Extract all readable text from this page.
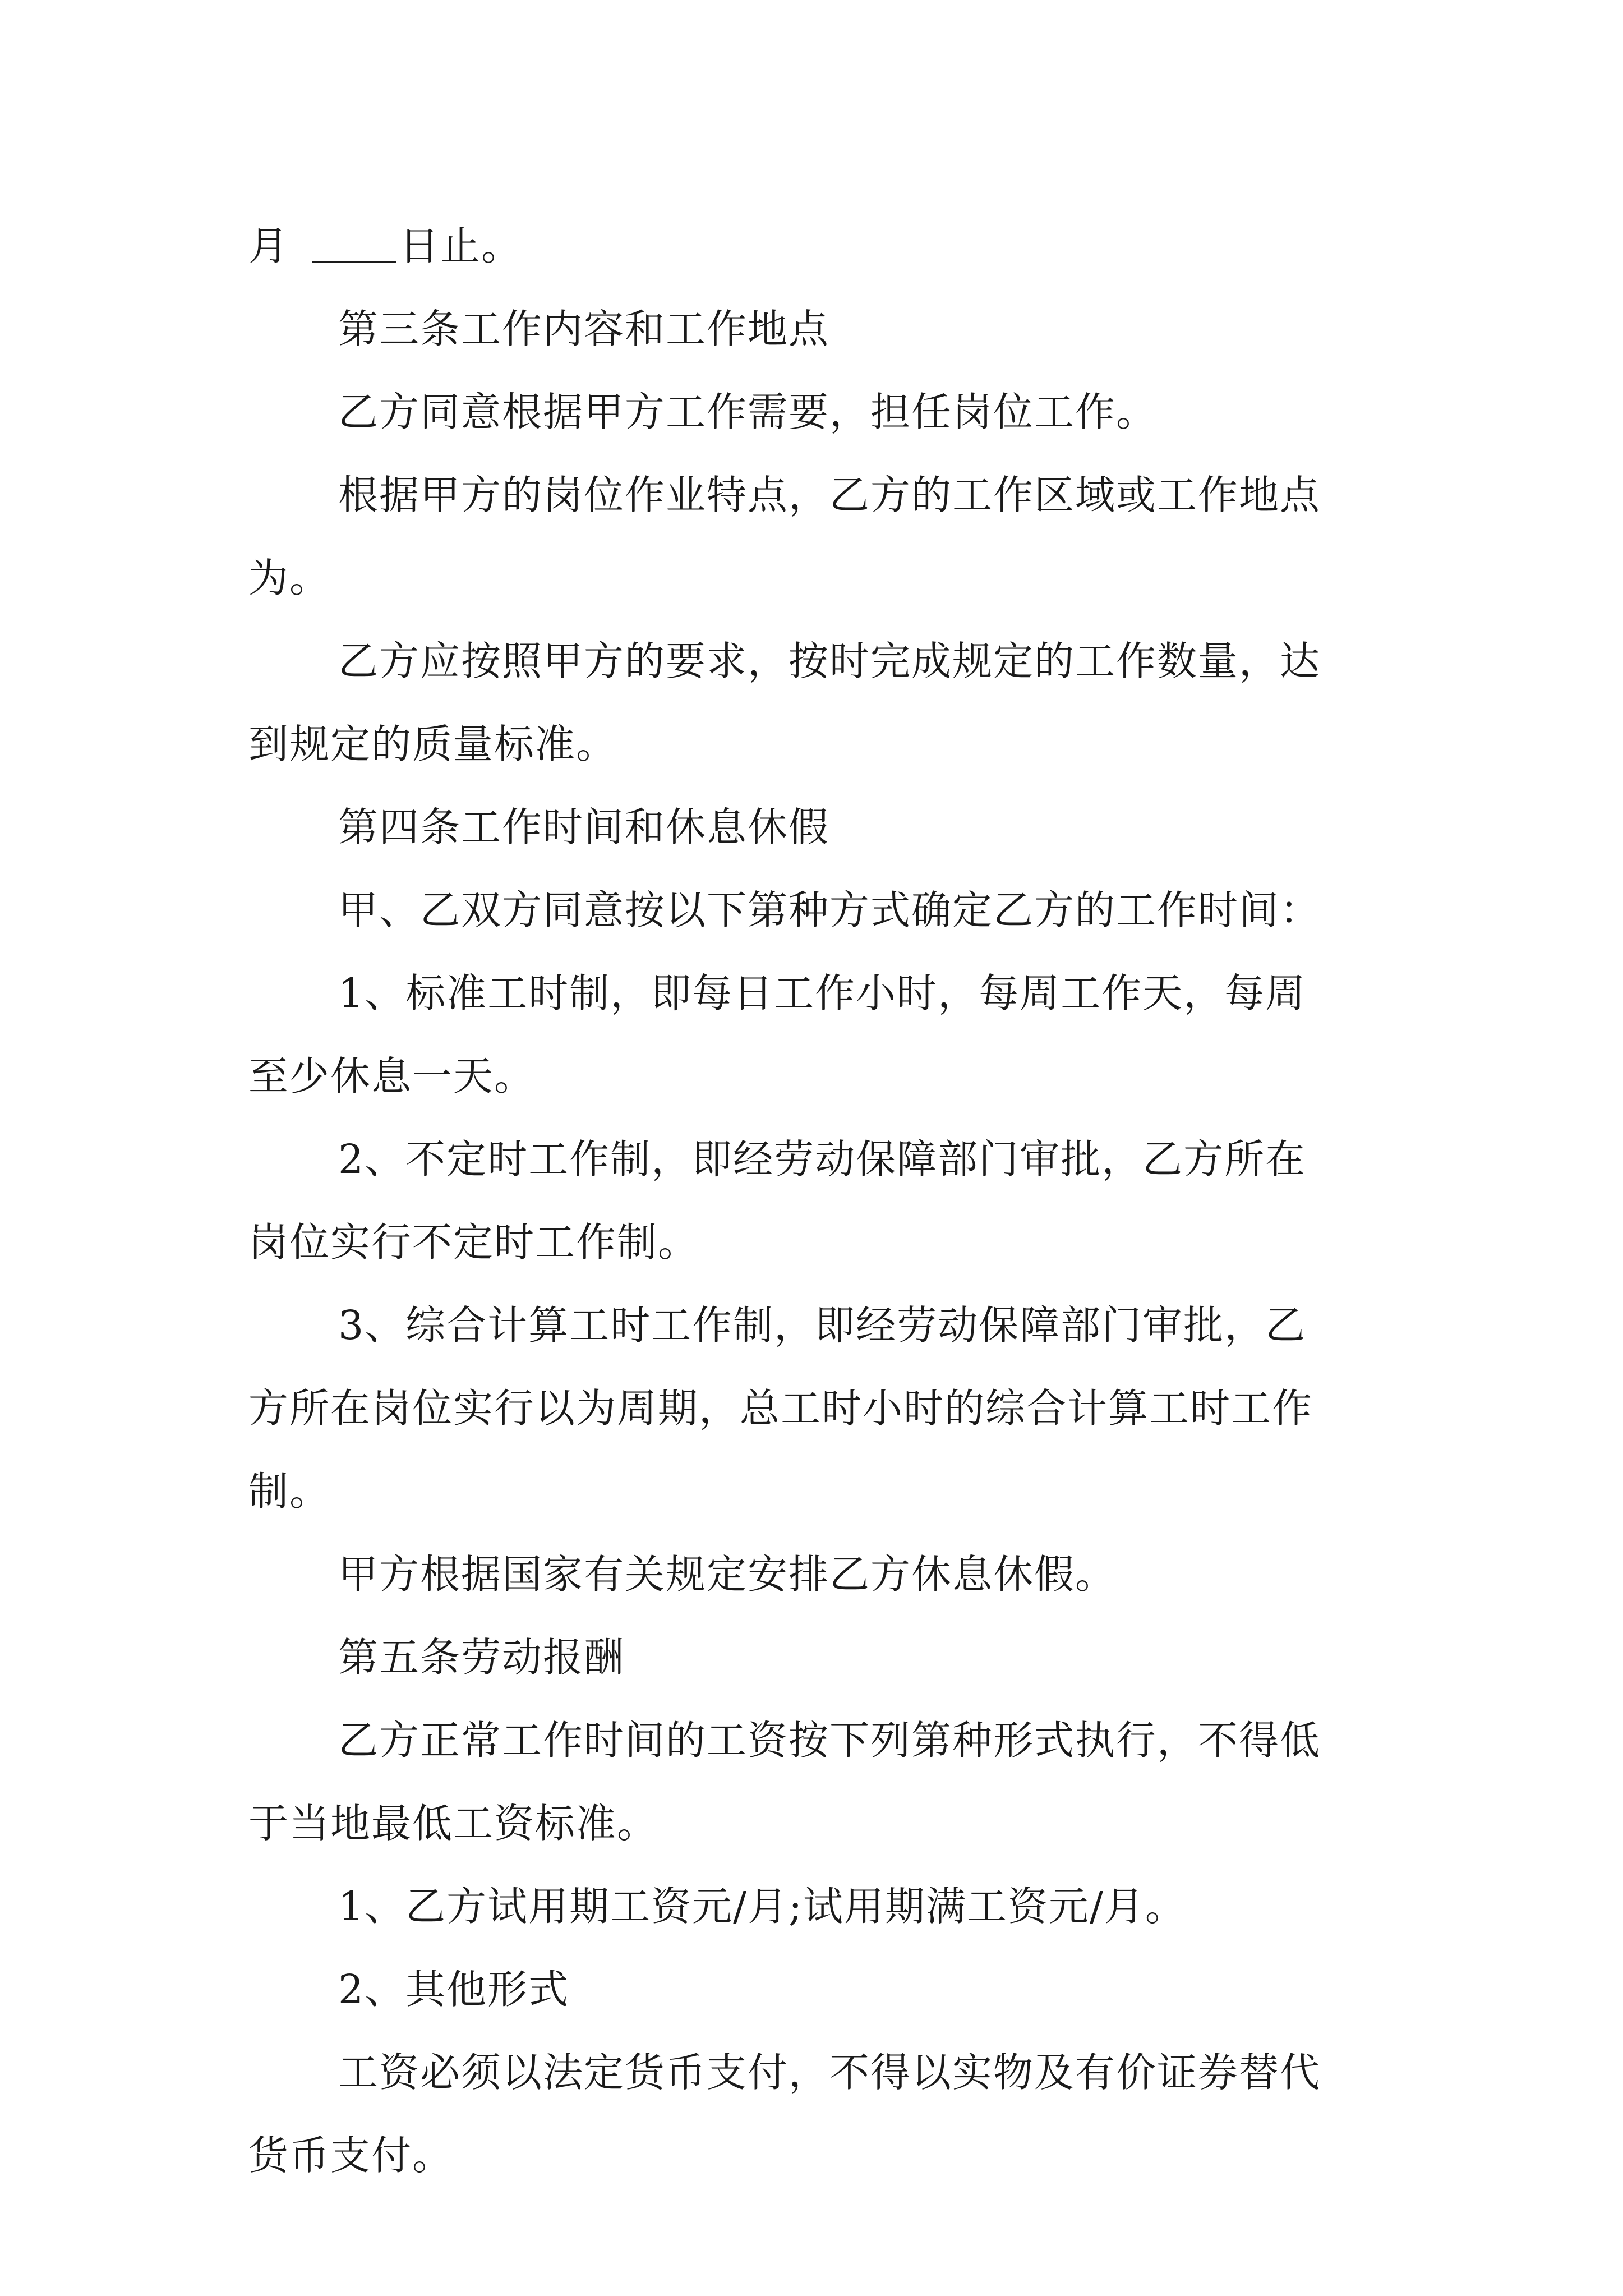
月	日止。
第三条工作内容和工作地点
乙方同意根据甲方工作需要，担任岗位工作。
根据甲方的岗位作业特点，乙方的工作区域或工作地点
为。
乙方应按照甲方的要求，按时完成规定的工作数量，达
到规定的质量标准。
第四条工作时间和休息休假
甲、乙双方同意按以下第种方式确定乙方的工作时间：
1、标准工时制，即每日工作小时，每周工作天，每周
至少休息一天。
2、不定时工作制，即经劳动保障部门审批，乙方所在
岗位实行不定时工作制。
3、综合计算工时工作制，即经劳动保障部门审批，乙
方所在岗位实行以为周期，总工时小时的综合计算工时工作
制。
甲方根据国家有关规定安排乙方休息休假。
第五条劳动报酬
乙方正常工作时间的工资按下列第种形式执行，不得低
于当地最低工资标准。
1、乙方试用期工资元/月;试用期满工资元/月。
2、其他形式
工资必须以法定货币支付，不得以实物及有价证券替代
货币支付。
